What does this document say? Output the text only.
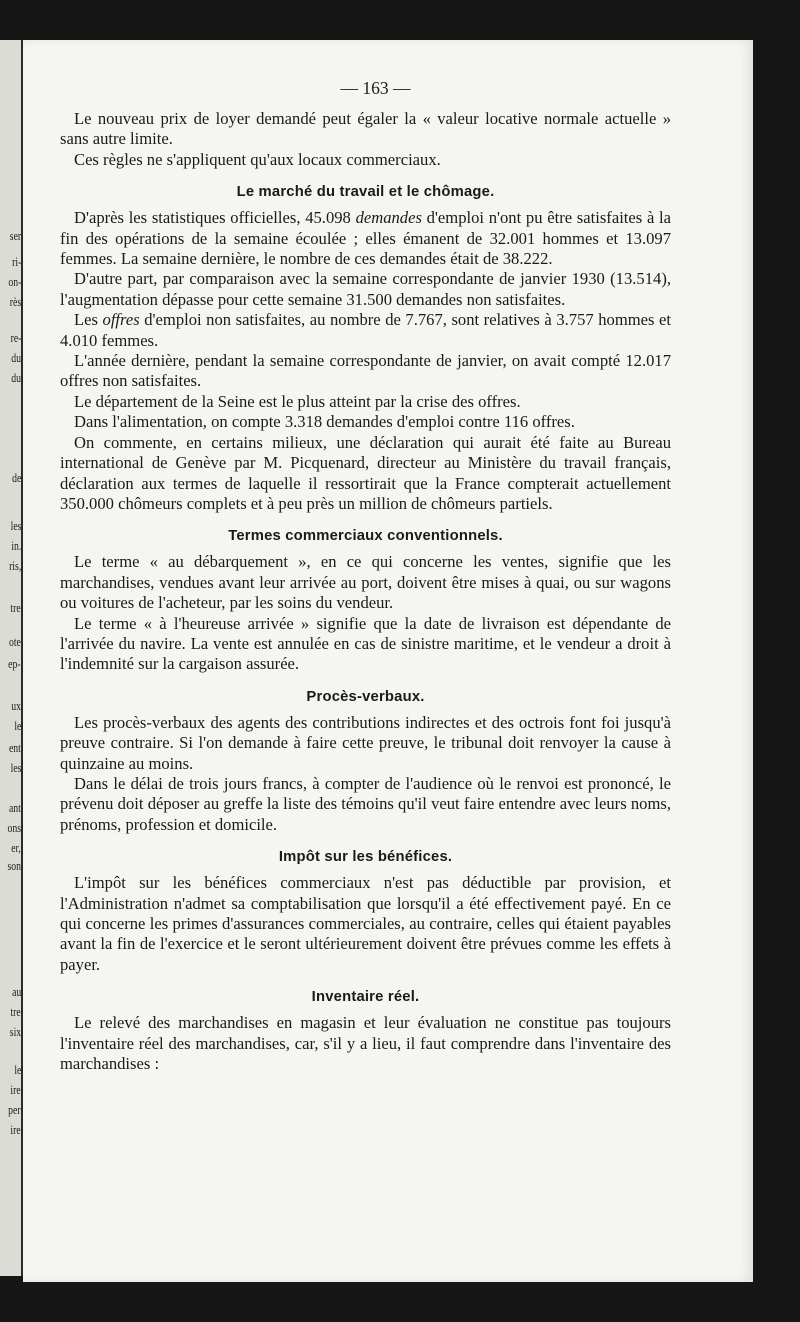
ser
ri-
on-
rès
re-
du
du
de
les
in.
ris,
tre
ote
ep-
ux
le
ent
les
ant
ons
er,
son
au
tre
six
le
ire
per
ire
— 163 —

Le nouveau prix de loyer demandé peut égaler la « valeur locative normale actuelle » sans autre limite.

Ces règles ne s'appliquent qu'aux locaux commerciaux.

Le marché du travail et le chômage.

D'après les statistiques officielles, 45.098 demandes d'emploi n'ont pu être satisfaites à la fin des opérations de la semaine écoulée ; elles émanent de 32.001 hommes et 13.097 femmes. La semaine dernière, le nombre de ces demandes était de 38.222.

D'autre part, par comparaison avec la semaine correspondante de janvier 1930 (13.514), l'augmentation dépasse pour cette semaine 31.500 demandes non satisfaites.

Les offres d'emploi non satisfaites, au nombre de 7.767, sont relatives à 3.757 hommes et 4.010 femmes.

L'année dernière, pendant la semaine correspondante de janvier, on avait compté 12.017 offres non satisfaites.

Le département de la Seine est le plus atteint par la crise des offres.

Dans l'alimentation, on compte 3.318 demandes d'emploi contre 116 offres.

On commente, en certains milieux, une déclaration qui aurait été faite au Bureau international de Genève par M. Picquenard, directeur au Ministère du travail français, déclaration aux termes de laquelle il ressortirait que la France compterait actuellement 350.000 chômeurs complets et à peu près un million de chômeurs partiels.

Termes commerciaux conventionnels.

Le terme « au débarquement », en ce qui concerne les ventes, signifie que les marchandises, vendues avant leur arrivée au port, doivent être mises à quai, ou sur wagons ou voitures de l'acheteur, par les soins du vendeur.

Le terme « à l'heureuse arrivée » signifie que la date de livraison est dépendante de l'arrivée du navire. La vente est annulée en cas de sinistre maritime, et le vendeur a droit à l'indemnité sur la cargaison assurée.

Procès-verbaux.

Les procès-verbaux des agents des contributions indirectes et des octrois font foi jusqu'à preuve contraire. Si l'on demande à faire cette preuve, le tribunal doit renvoyer la cause à quinzaine au moins.

Dans le délai de trois jours francs, à compter de l'audience où le renvoi est prononcé, le prévenu doit déposer au greffe la liste des témoins qu'il veut faire entendre avec leurs noms, prénoms, profession et domicile.

Impôt sur les bénéfices.

L'impôt sur les bénéfices commerciaux n'est pas déductible par provision, et l'Administration n'admet sa comptabilisation que lorsqu'il a été effectivement payé. En ce qui concerne les primes d'assurances commerciales, au contraire, celles qui étaient payables avant la fin de l'exercice et le seront ultérieurement doivent être prévues comme les effets à payer.

Inventaire réel.

Le relevé des marchandises en magasin et leur évaluation ne constitue pas toujours l'inventaire réel des marchandises, car, s'il y a lieu, il faut comprendre dans l'inventaire des marchandises :
